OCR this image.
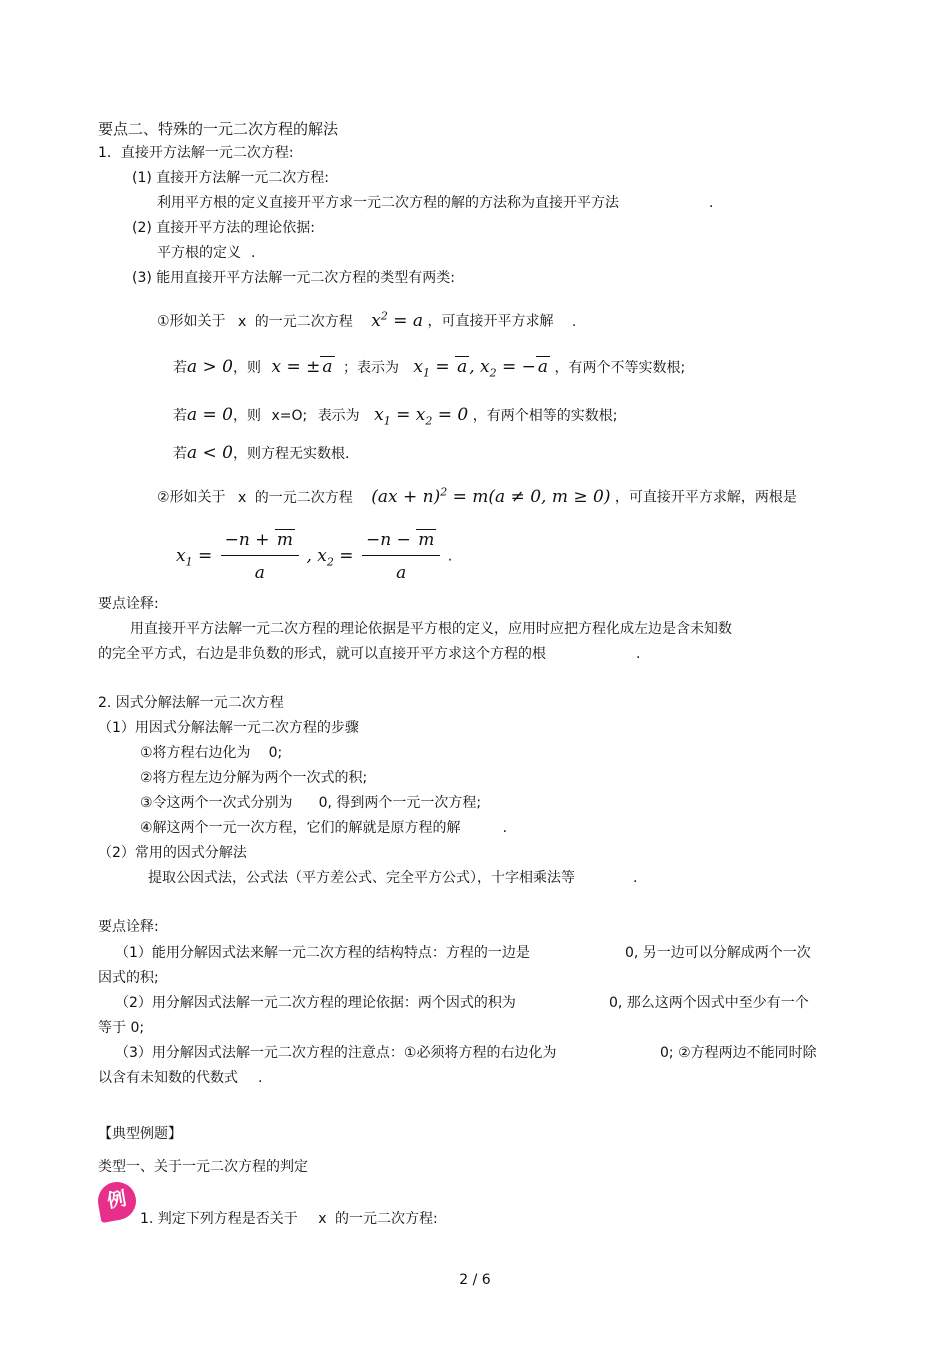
要点二、特殊的一元二次方程的解法
1．直接开方法解一元二次方程:
(1) 直接开方法解一元二次方程:
利用平方根的定义直接开平方求一元二次方程的解的方法称为直接开平方法	.
(2) 直接开平方法的理论依据:
平方根的定义 .
(3) 能用直接开平方法解一元二次方程的类型有两类:
①形如关于 x 的一元二次方程 $x^2 = a$ ，可直接开平方求解 .
若a > 0，则 x = ± a ；表示为 $x_1 = a$ , $x_2$ = − a ，有两个不等实数根;
若a = 0，则 x=O; 表示为 $x_1 = x_2 = 0$ ，有两个相等的实数根;
若a < 0，则方程无实数根.
②形如关于 x 的一元二次方程 (ax + n)$^2$ = m(a ≠ 0, m ≥ 0) ，可直接开平方求解，两根是
$x_1 = \frac{-n + m}{a}$ , $x_2 = \frac{-n - m}{a}$ .
要点诠释:
用直接开平方法解一元二次方程的理论依据是平方根的定义，应用时应把方程化成左边是含未知数
的完全平方式，右边是非负数的形式，就可以直接开平方求这个方程的根	.
2. 因式分解法解一元二次方程
（1）用因式分解法解一元二次方程的步骤
①将方程右边化为 0;
②将方程左边分解为两个一次式的积;
③令这两个一次式分别为 0, 得到两个一元一次方程;
④解这两个一元一次方程，它们的解就是原方程的解	.
（2）常用的因式分解法
提取公因式法，公式法（平方差公式、完全平方公式），十字相乘法等	.
要点诠释:
（1）能用分解因式法来解一元二次方程的结构特点：方程的一边是	0, 另一边可以分解成两个一次
因式的积;
（2）用分解因式法解一元二次方程的理论依据：两个因式的积为	0, 那么这两个因式中至少有一个
等于 0;
（3）用分解因式法解一元二次方程的注意点：①必须将方程的右边化为	0; ②方程两边不能同时除
以含有未知数的代数式 .
【典型例题】
类型一、关于一元二次方程的判定
例
1. 判定下列方程是否关于 x 的一元二次方程:
2 / 6
